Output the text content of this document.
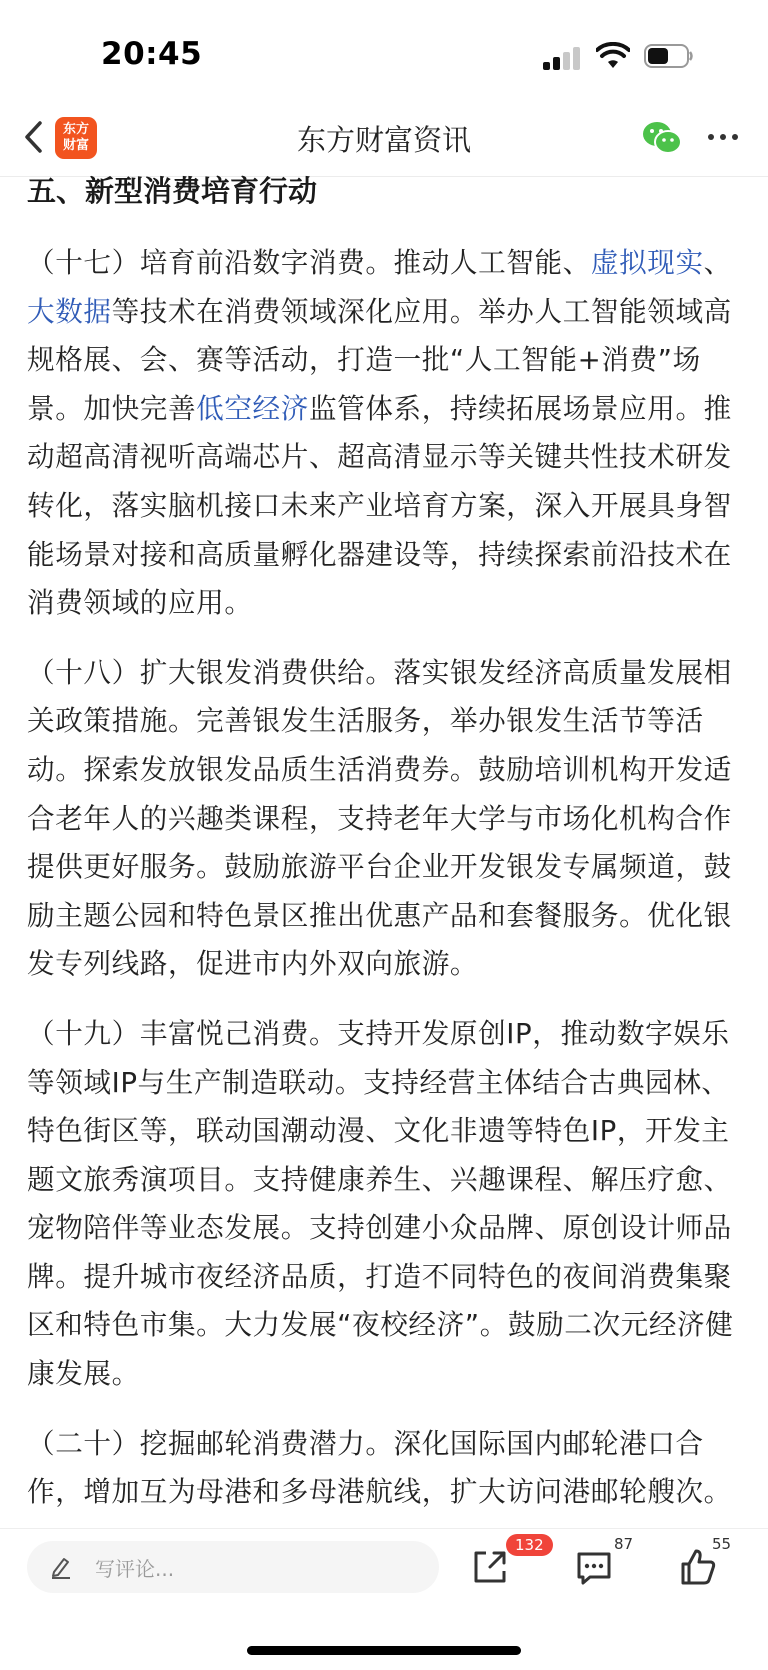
20:45
东方
财富	东方财富资讯
五、新型消费培育行动

（十七）培育前沿数字消费。推动人工智能、虚拟现实、大数据等技术在消费领域深化应用。举办人工智能领域高规格展、会、赛等活动，打造一批“人工智能+消费”场景。加快完善低空经济监管体系，持续拓展场景应用。推动超高清视听高端芯片、超高清显示等关键共性技术研发转化，落实脑机接口未来产业培育方案，深入开展具身智能场景对接和高质量孵化器建设等，持续探索前沿技术在消费领域的应用。

（十八）扩大银发消费供给。落实银发经济高质量发展相关政策措施。完善银发生活服务，举办银发生活节等活动。探索发放银发品质生活消费券。鼓励培训机构开发适合老年人的兴趣类课程，支持老年大学与市场化机构合作提供更好服务。鼓励旅游平台企业开发银发专属频道，鼓励主题公园和特色景区推出优惠产品和套餐服务。优化银发专列线路，促进市内外双向旅游。

（十九）丰富悦己消费。支持开发原创IP，推动数字娱乐等领域IP与生产制造联动。支持经营主体结合古典园林、特色街区等，联动国潮动漫、文化非遗等特色IP，开发主题文旅秀演项目。支持健康养生、兴趣课程、解压疗愈、宠物陪伴等业态发展。支持创建小众品牌、原创设计师品牌。提升城市夜经济品质，打造不同特色的夜间消费集聚区和特色市集。大力发展“夜校经济”。鼓励二次元经济健康发展。

（二十）挖掘邮轮消费潜力。深化国际国内邮轮港口合作，增加互为母港和多母港航线，扩大访问港邮轮艘次。

写评论...
132	87	55
